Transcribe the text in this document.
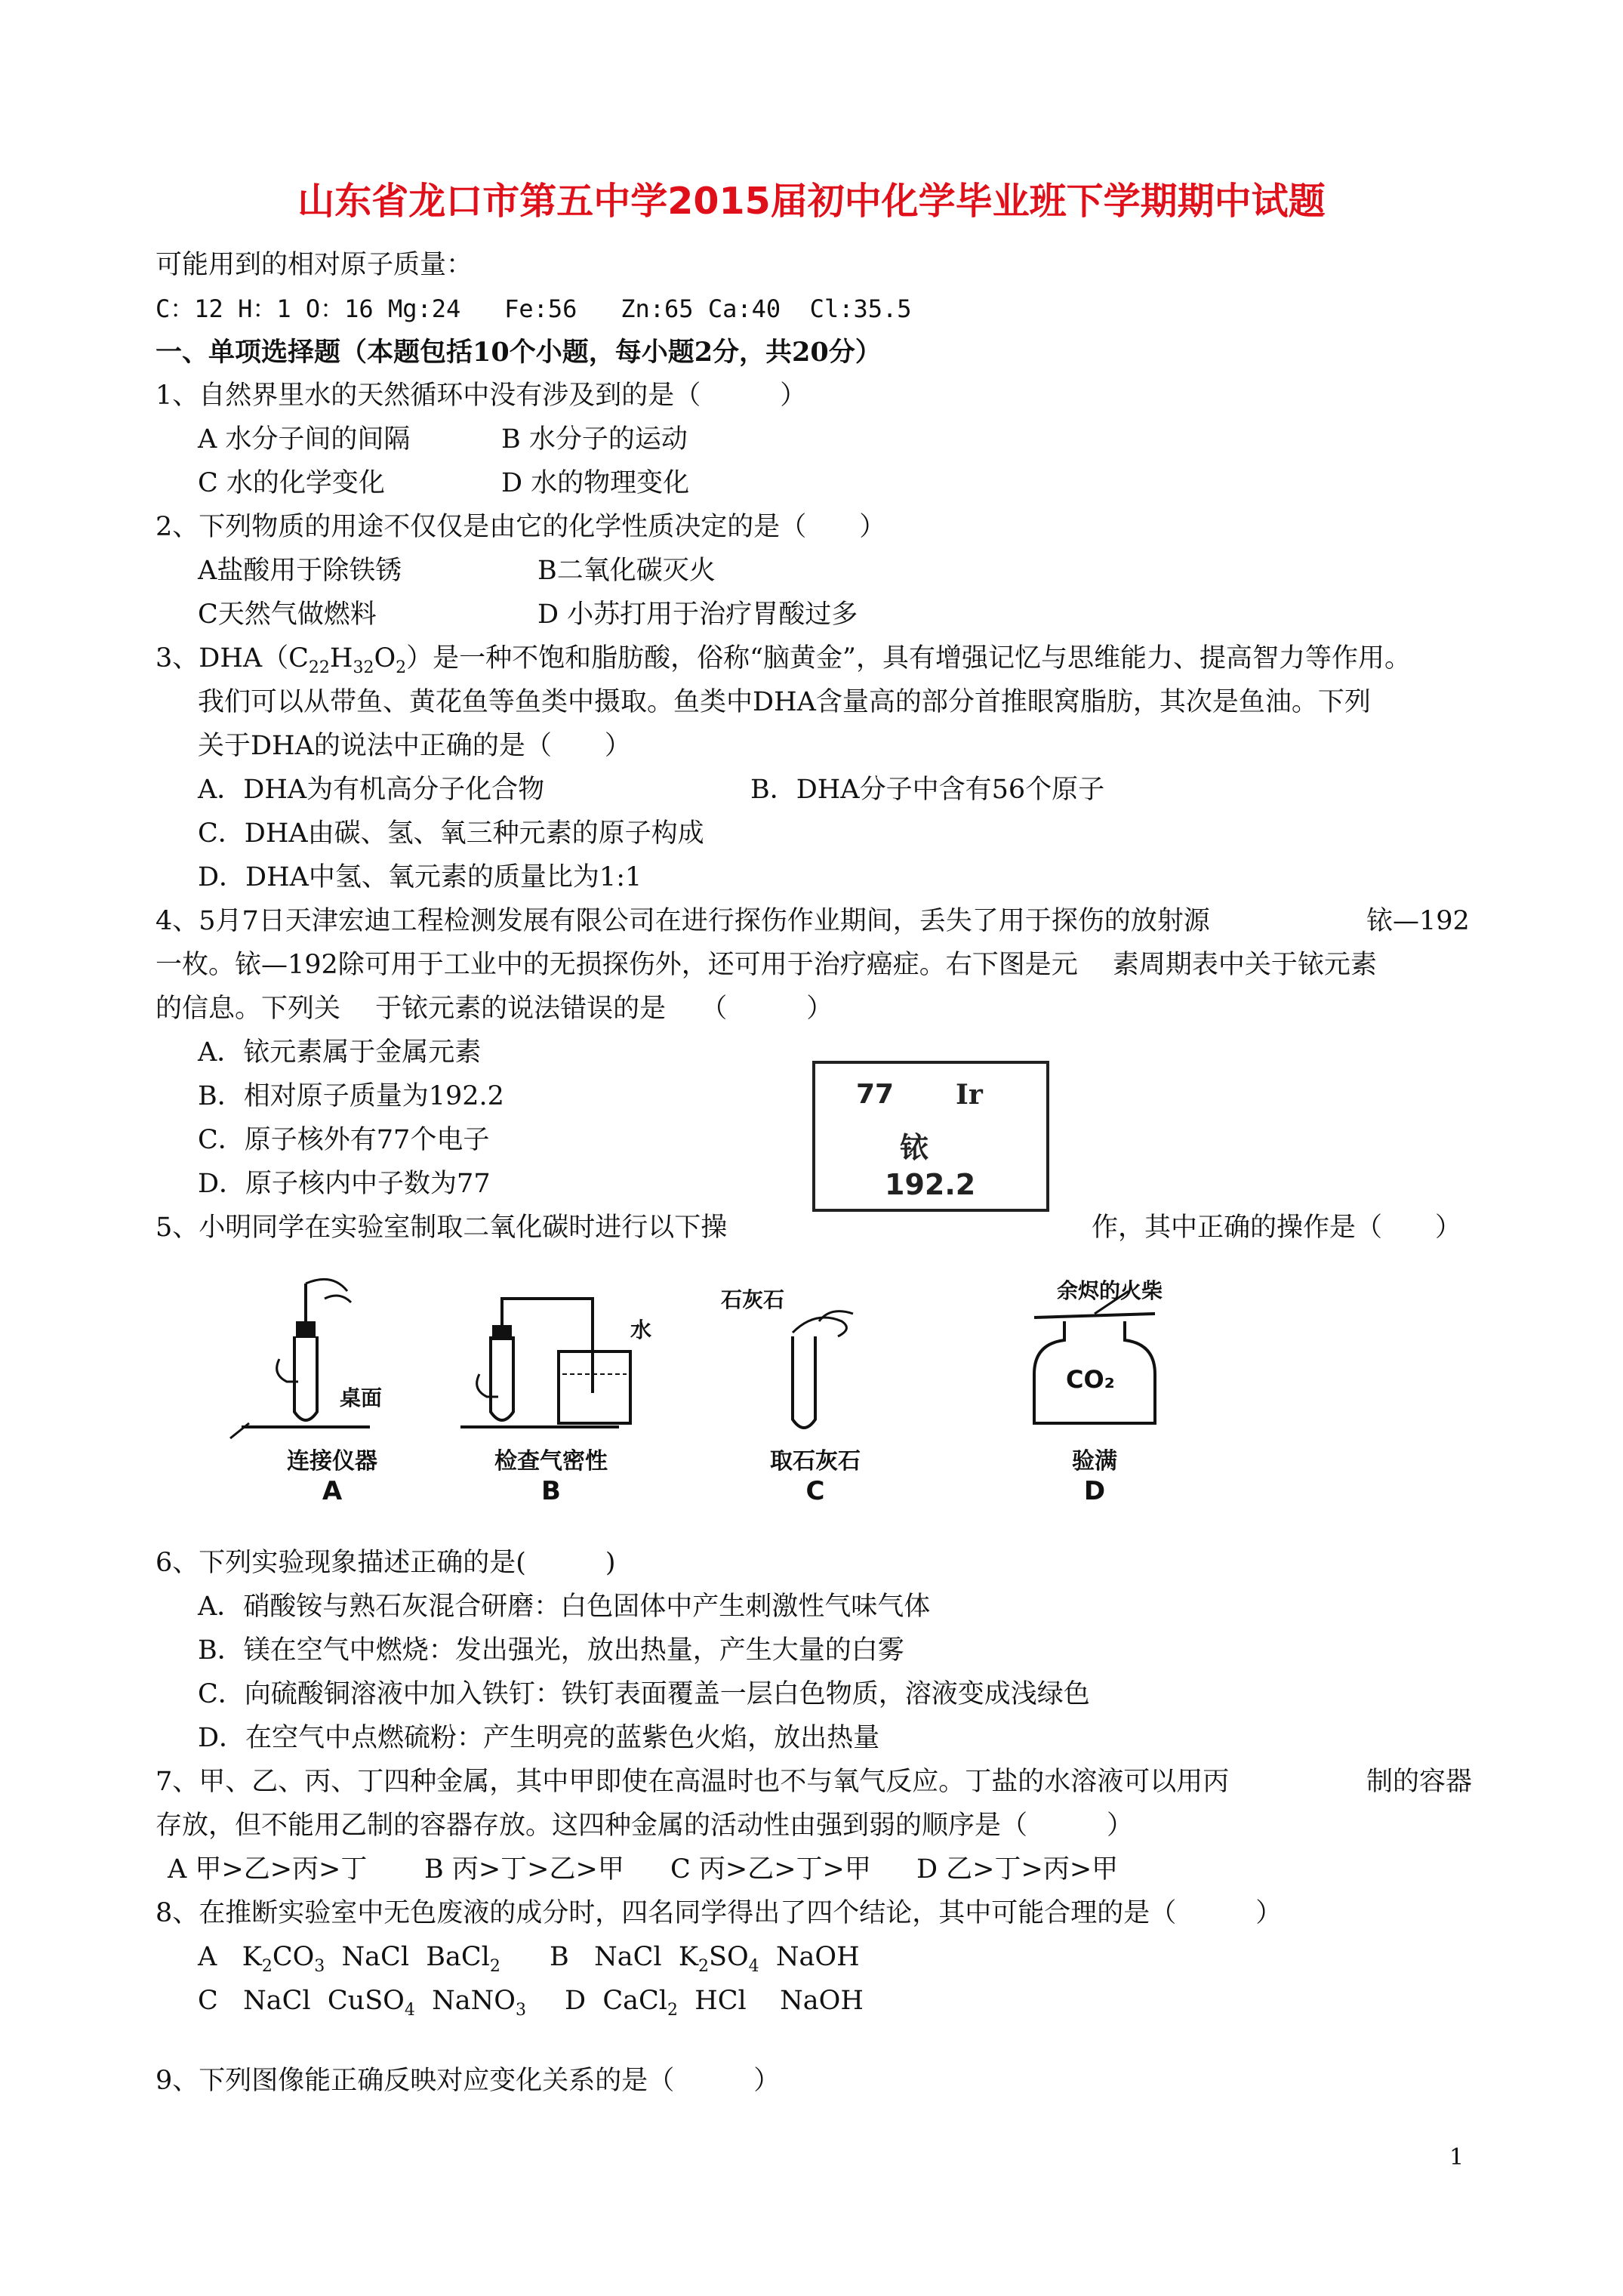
山东省龙口市第五中学2015届初中化学毕业班下学期期中试题
可能用到的相对原子质量：
C：12 H：1 O：16 Mg:24 Fe:56 Zn:65 Ca:40 Cl:35.5
一、单项选择题（本题包括10个小题，每小题2分，共20分）
1、自然界里水的天然循环中没有涉及到的是（　　　）
A 水分子间的间隔	B 水分子的运动
C 水的化学变化	D 水的物理变化
2、下列物质的用途不仅仅是由它的化学性质决定的是（　　）
A盐酸用于除铁锈	B二氧化碳灭火
C天然气做燃料	D 小苏打用于治疗胃酸过多
3、$DHA(C_{22}H_{32}O_2)$是一种不饱和脂肪酸，俗称“脑黄金”，具有增强记忆与思维能力、提高智力等作用。
我们可以从带鱼、黄花鱼等鱼类中摄取。鱼类中DHA含量高的部分首推眼窝脂肪，其次是鱼油。下列
关于DHA的说法中正确的是（　　）
A．DHA为有机高分子化合物	B．DHA分子中含有56个原子
C．DHA由碳、氢、氧三种元素的原子构成
D．DHA中氢、氧元素的质量比为1:1
4、5月7日天津宏迪工程检测发展有限公司在进行探伤作业期间，丢失了用于探伤的放射源	铱—192
一枚。铱—192除可用于工业中的无损探伤外，还可用于治疗癌症。右下图是元　 素周期表中关于铱元素
的信息。下列关　 于铱元素的说法错误的是　 （　　　）
A．铱元素属于金属元素
B．相对原子质量为192.2
C．原子核外有77个电子
D．原子核内中子数为77
77 Ir
铱
192.2
5、小明同学在实验室制取二氧化碳时进行以下操	作，其中正确的操作是（　　）
桌面
连接仪器
A
水
检查气密性
B
石灰石
取石灰石
C
余烬的火柴
CO₂
验满
D
6、下列实验现象描述正确的是(　　　)
A．硝酸铵与熟石灰混合研磨：白色固体中产生刺激性气味气体
B．镁在空气中燃烧：发出强光，放出热量，产生大量的白雾
C．向硫酸铜溶液中加入铁钉：铁钉表面覆盖一层白色物质，溶液变成浅绿色
D．在空气中点燃硫粉：产生明亮的蓝紫色火焰，放出热量
7、甲、乙、丙、丁四种金属，其中甲即使在高温时也不与氧气反应。丁盐的水溶液可以用丙	制的容器
存放，但不能用乙制的容器存放。这四种金属的活动性由强到弱的顺序是（　　　）
A 甲>乙>丙>丁 B 丙>丁>乙>甲 C 丙>乙>丁>甲 D 乙>丁>丙>甲
8、在推断实验室中无色废液的成分时，四名同学得出了四个结论，其中可能合理的是（　　　）
A   $K_2CO_3$  NaCl  BaCl$_2$ B   NaCl  $K_2SO_4$  NaOH
C   NaCl  CuSO$_4$  NaNO$_3$ D  CaCl$_2$  HCl    NaOH
9、下列图像能正确反映对应变化关系的是（　　　）
1
